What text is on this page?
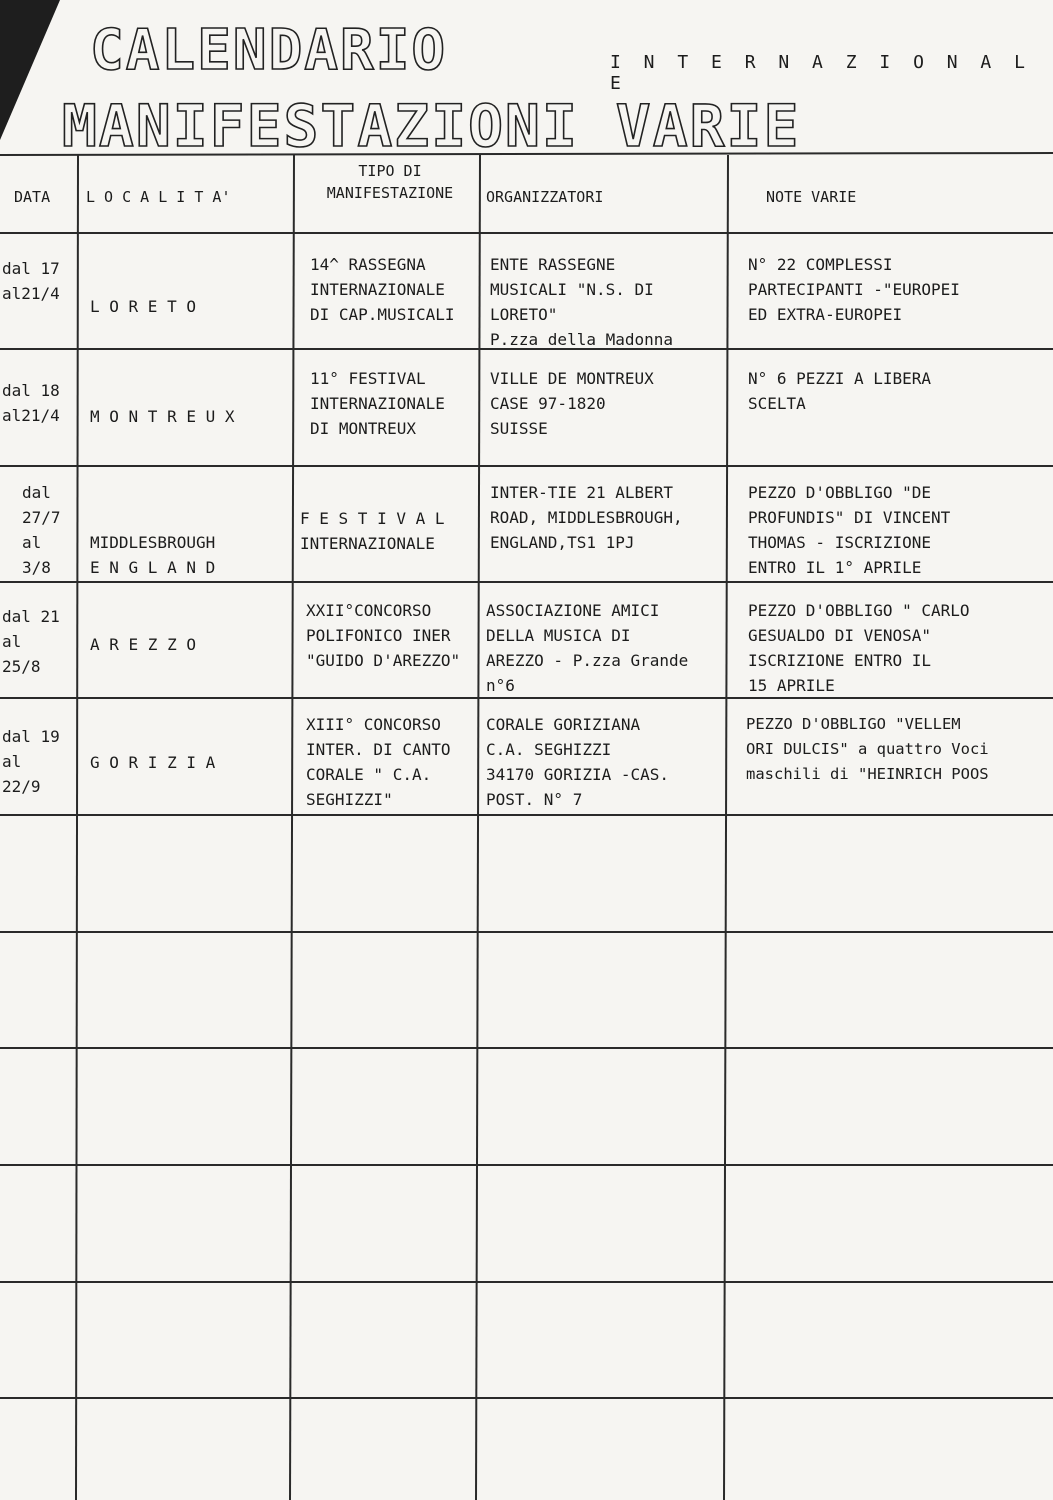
CALENDARIO
MANIFESTAZIONI VARIE
I N T E R N A Z I O N A L E
DATA L O C A L I T A'
TIPO DI
MANIFESTAZIONE	ORGANIZZATORI	NOTE VARIE
dal 17
al21/4
L O R E T O
14^ RASSEGNA
INTERNAZIONALE
DI CAP.MUSICALI
ENTE RASSEGNE
MUSICALI "N.S. DI
LORETO"
P.zza della Madonna
N° 22 COMPLESSI
PARTECIPANTI -"EUROPEI
ED EXTRA-EUROPEI
dal 18
al21/4 M O N T R E U X
11° FESTIVAL
INTERNAZIONALE
DI MONTREUX
VILLE DE MONTREUX
CASE 97-1820
SUISSE
N° 6 PEZZI A LIBERA
SCELTA
dal
27/7
al
3/8
MIDDLESBROUGH
E N G L A N D
F E S T I V A L
INTERNAZIONALE
INTER-TIE 21 ALBERT
ROAD, MIDDLESBROUGH,
ENGLAND,TS1 1PJ
PEZZO D'OBBLIGO "DE
PROFUNDIS" DI VINCENT
THOMAS - ISCRIZIONE
ENTRO IL 1° APRILE
dal 21
al
25/8
A R E Z Z O
XXII°CONCORSO
POLIFONICO INER
"GUIDO D'AREZZO"
ASSOCIAZIONE AMICI
DELLA MUSICA DI
AREZZO - P.zza Grande
n°6
PEZZO D'OBBLIGO " CARLO
GESUALDO DI VENOSA"
ISCRIZIONE ENTRO IL
15 APRILE
dal 19
al
22/9
G O R I Z I A
XIII° CONCORSO
INTER. DI CANTO
CORALE " C.A.
SEGHIZZI"
CORALE GORIZIANA
C.A. SEGHIZZI
34170 GORIZIA -CAS.
POST. N° 7
PEZZO D'OBBLIGO "VELLEM
ORI DULCIS" a quattro Voci
maschili di "HEINRICH POOS
